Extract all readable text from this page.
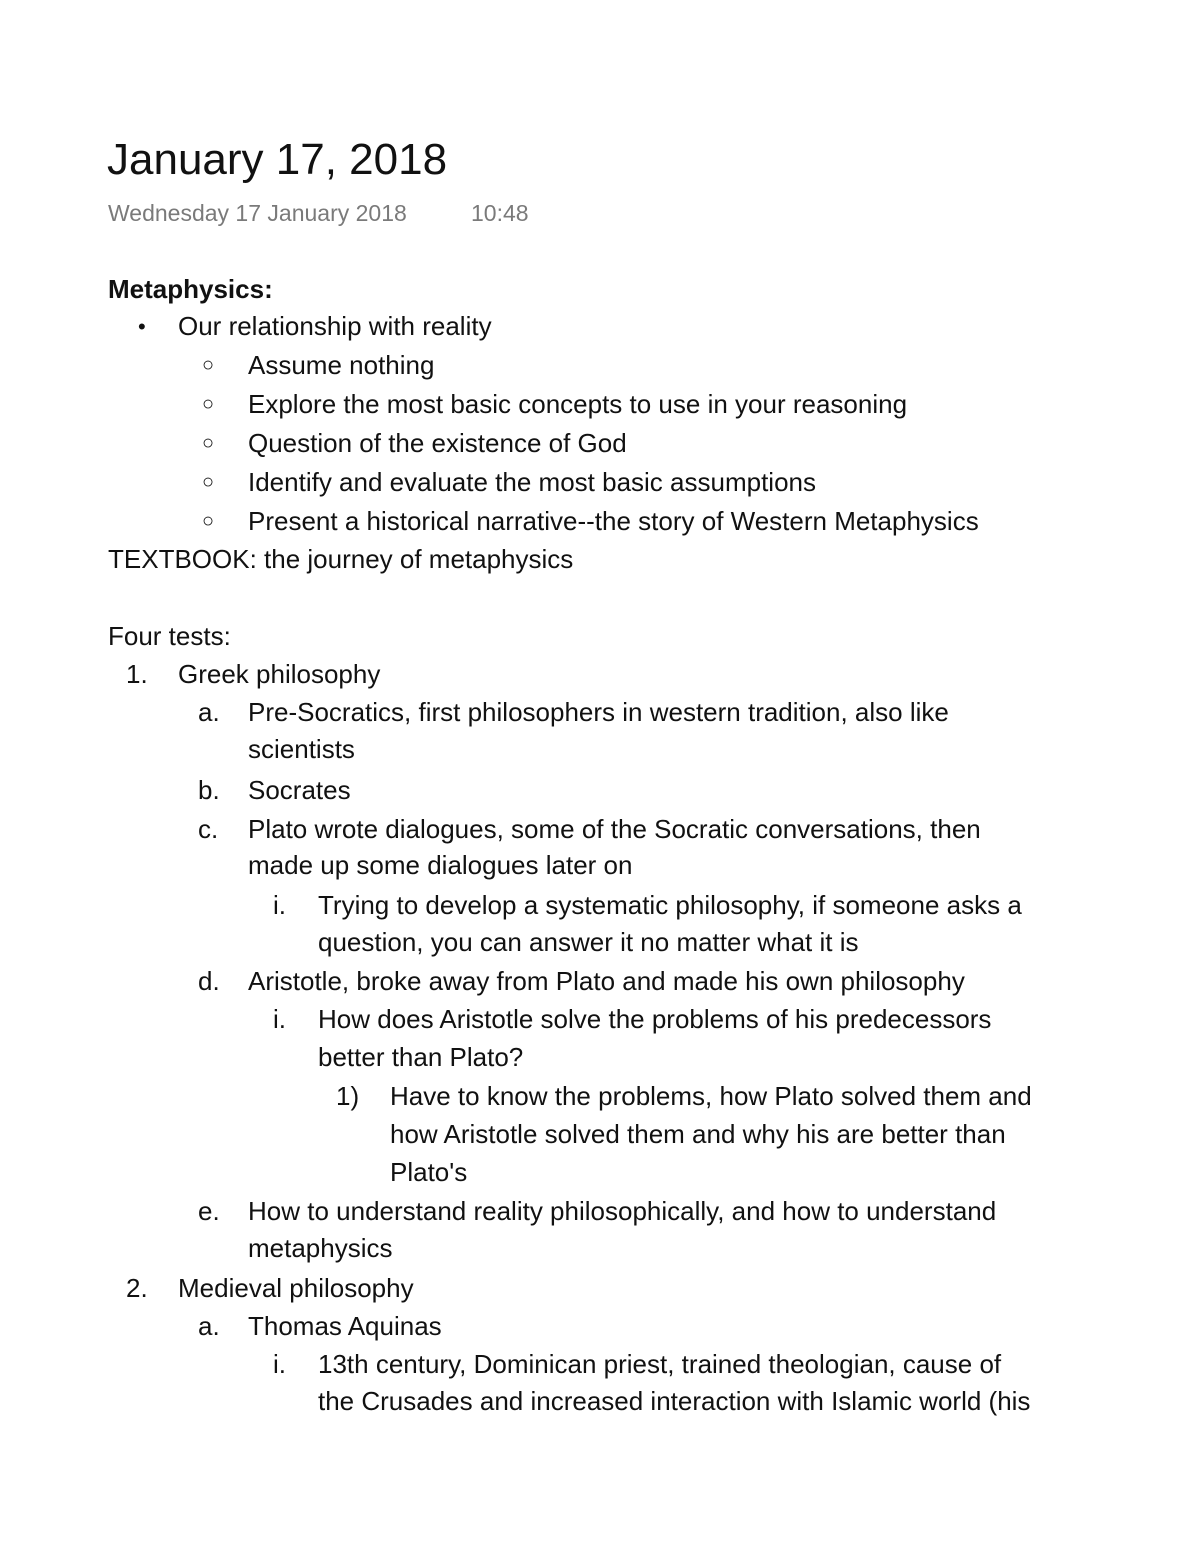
January 17, 2018
Wednesday 17 January 2018	10:48
Metaphysics:
• Our relationship with reality
○ Assume nothing
○ Explore the most basic concepts to use in your reasoning
○ Question of the existence of God
○ Identify and evaluate the most basic assumptions
○ Present a historical narrative--the story of Western Metaphysics
TEXTBOOK: the journey of metaphysics
Four tests:
1. Greek philosophy
a. Pre-Socratics, first philosophers in western tradition, also like
scientists
b. Socrates
c. Plato wrote dialogues, some of the Socratic conversations, then
made up some dialogues later on
i. Trying to develop a systematic philosophy, if someone asks a
question, you can answer it no matter what it is
d. Aristotle, broke away from Plato and made his own philosophy
i. How does Aristotle solve the problems of his predecessors
better than Plato?
1) Have to know the problems, how Plato solved them and
how Aristotle solved them and why his are better than
Plato's
e. How to understand reality philosophically, and how to understand
metaphysics
2. Medieval philosophy
a. Thomas Aquinas
i. 13th century, Dominican priest, trained theologian, cause of
the Crusades and increased interaction with Islamic world (his
